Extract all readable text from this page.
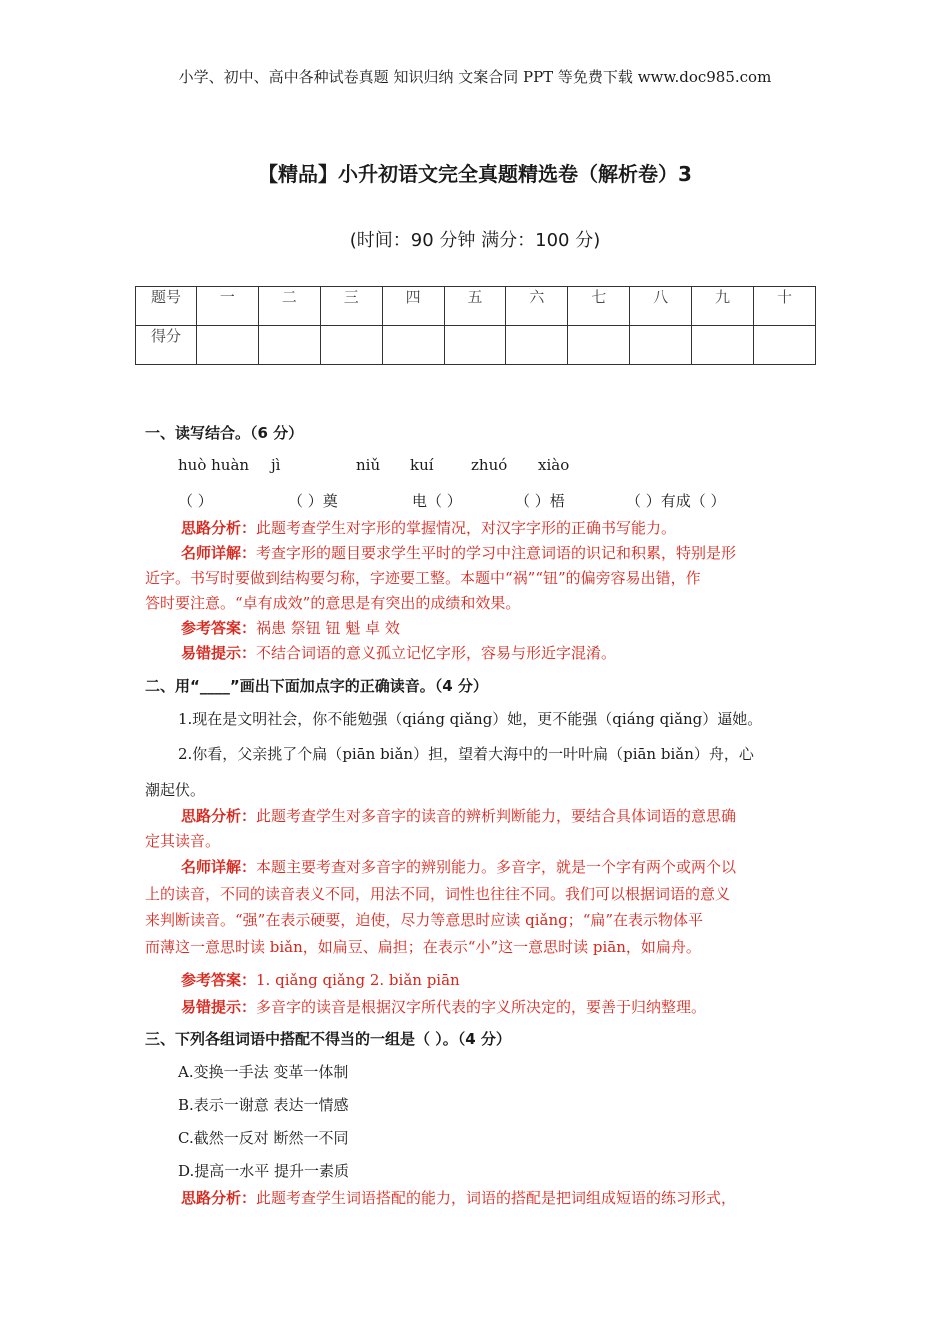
小学、初中、高中各种试卷真题 知识归纳 文案合同 PPT 等免费下载 www.doc985.com
【精品】小升初语文完全真题精选卷（解析卷）3
(时间：90 分钟 满分：100 分)
题号	一	二	三	四	五	六	七	八	九	十
得分										
一、读写结合。（6 分）
huò huàn jì	niǔ kuí zhuó xiào
（ ）	（ ）奠	电（ ）	（ ）梧	（ ）有成（ ）
思路分析：此题考查学生对字形的掌握情况，对汉字字形的正确书写能力。
名师详解：考查字形的题目要求学生平时的学习中注意词语的识记和积累，特别是形
近字。书写时要做到结构要匀称，字迹要工整。本题中“祸”“钮”的偏旁容易出错，作
答时要注意。“卓有成效”的意思是有突出的成绩和效果。
参考答案：祸患 祭钮 钮 魁 卓 效
易错提示：不结合词语的意义孤立记忆字形，容易与形近字混淆。
二、用“____”画出下面加点字的正确读音。（4 分）
1.现在是文明社会，你不能勉强（qiáng qiǎng）她，更不能强（qiáng qiǎng）逼她。
2.你看，父亲挑了个扁（piān biǎn）担，望着大海中的一叶叶扁（piān biǎn）舟，心
潮起伏。
思路分析：此题考查学生对多音字的读音的辨析判断能力，要结合具体词语的意思确
定其读音。
名师详解：本题主要考查对多音字的辨别能力。多音字，就是一个字有两个或两个以
上的读音，不同的读音表义不同，用法不同，词性也往往不同。我们可以根据词语的意义
来判断读音。“强”在表示硬要，迫使，尽力等意思时应读 qiǎng；“扁”在表示物体平
而薄这一意思时读 biǎn，如扁豆、扁担；在表示“小”这一意思时读 piān，如扁舟。
参考答案：1. qiǎng qiǎng 2. biǎn piān
易错提示：多音字的读音是根据汉字所代表的字义所决定的，要善于归纳整理。
三、下列各组词语中搭配不得当的一组是（ ）。（4 分）
A.变换一手法 变革一体制
B.表示一谢意 表达一情感
C.截然一反对 断然一不同
D.提高一水平 提升一素质
思路分析：此题考查学生词语搭配的能力，词语的搭配是把词组成短语的练习形式，
